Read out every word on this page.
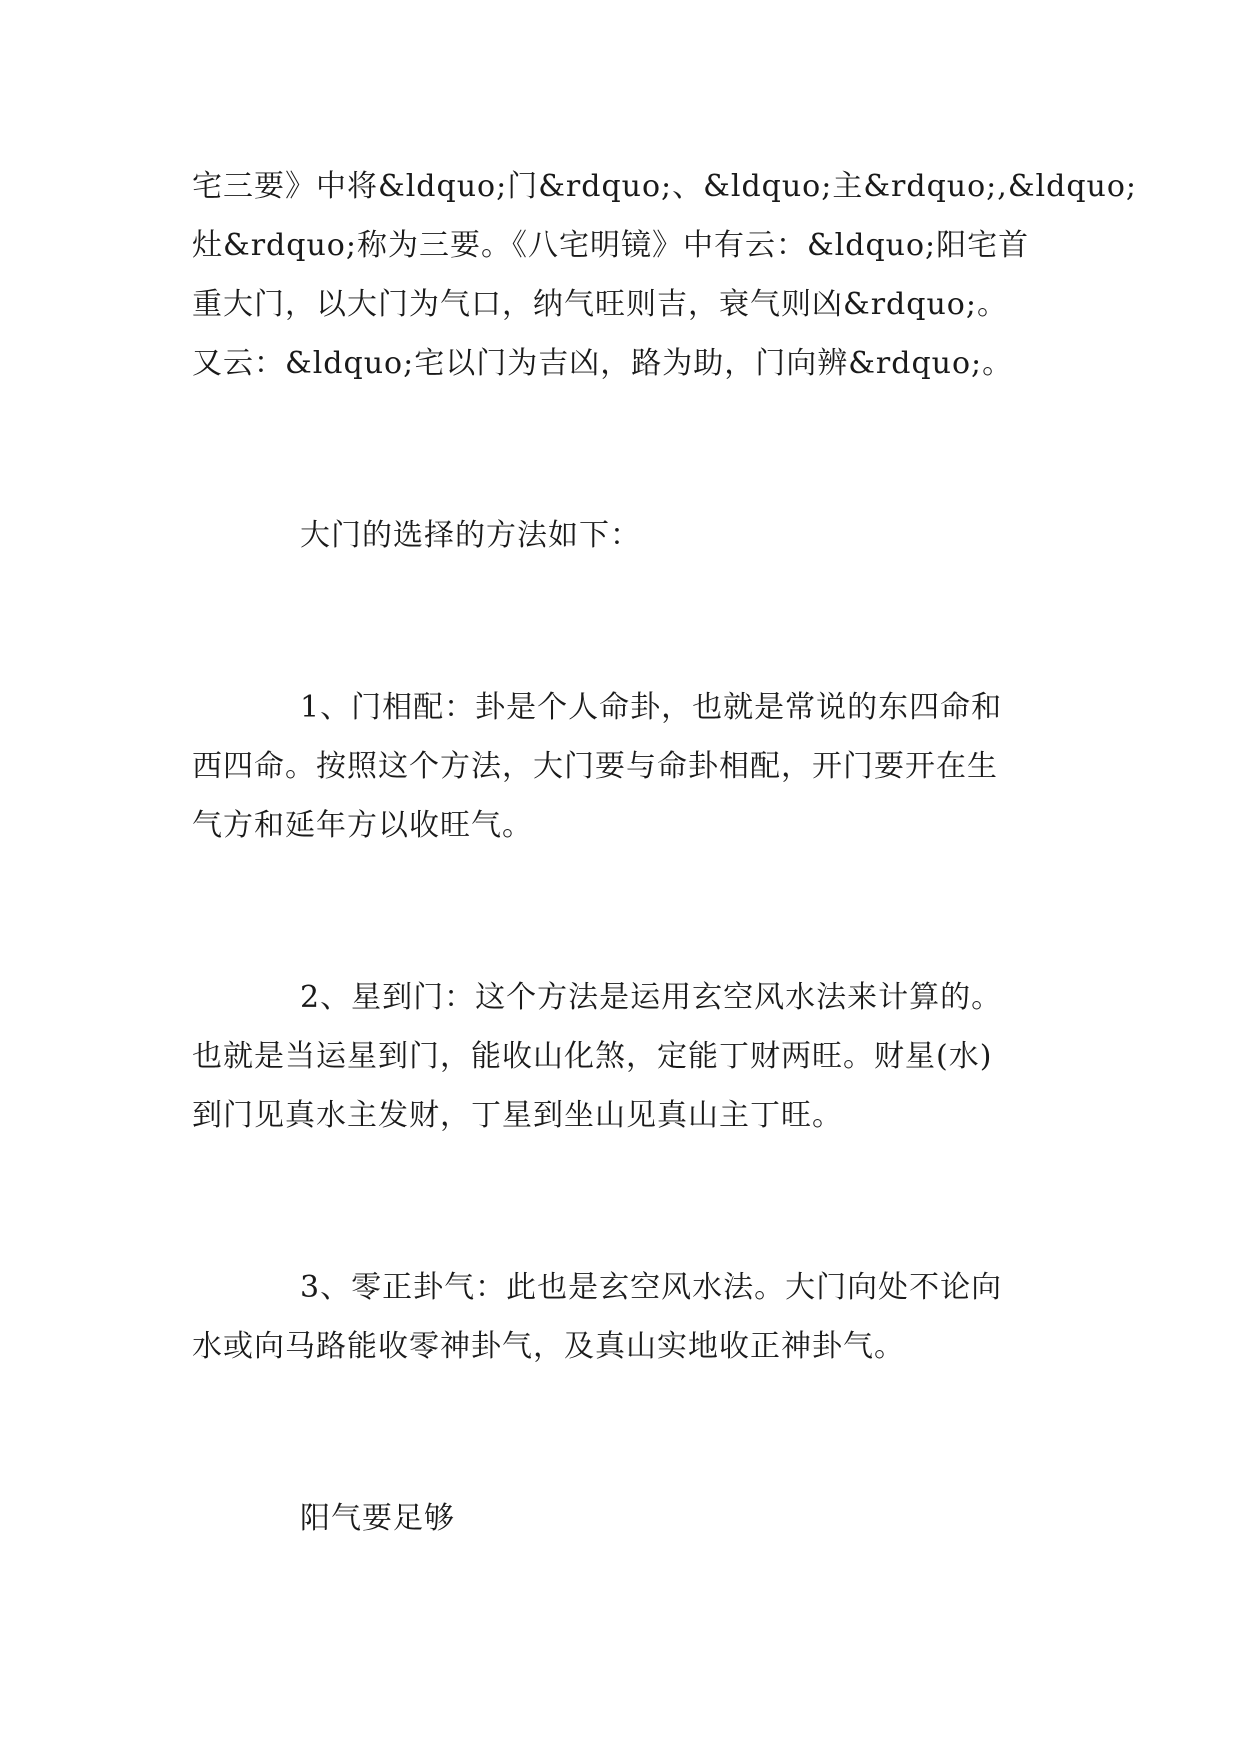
宅三要》中将&ldquo;门&rdquo;、&ldquo;主&rdquo;,&ldquo;
灶&rdquo;称为三要。《八宅明镜》中有云：&ldquo;阳宅首
重大门，以大门为气口，纳气旺则吉，衰气则凶&rdquo;。
又云：&ldquo;宅以门为吉凶，路为助，门向辨&rdquo;。
大门的选择的方法如下：
1、门相配：卦是个人命卦，也就是常说的东四命和
西四命。按照这个方法，大门要与命卦相配，开门要开在生
气方和延年方以收旺气。
2、星到门：这个方法是运用玄空风水法来计算的。
也就是当运星到门，能收山化煞，定能丁财两旺。财星(水)
到门见真水主发财，丁星到坐山见真山主丁旺。
3、零正卦气：此也是玄空风水法。大门向处不论向
水或向马路能收零神卦气，及真山实地收正神卦气。
阳气要足够
